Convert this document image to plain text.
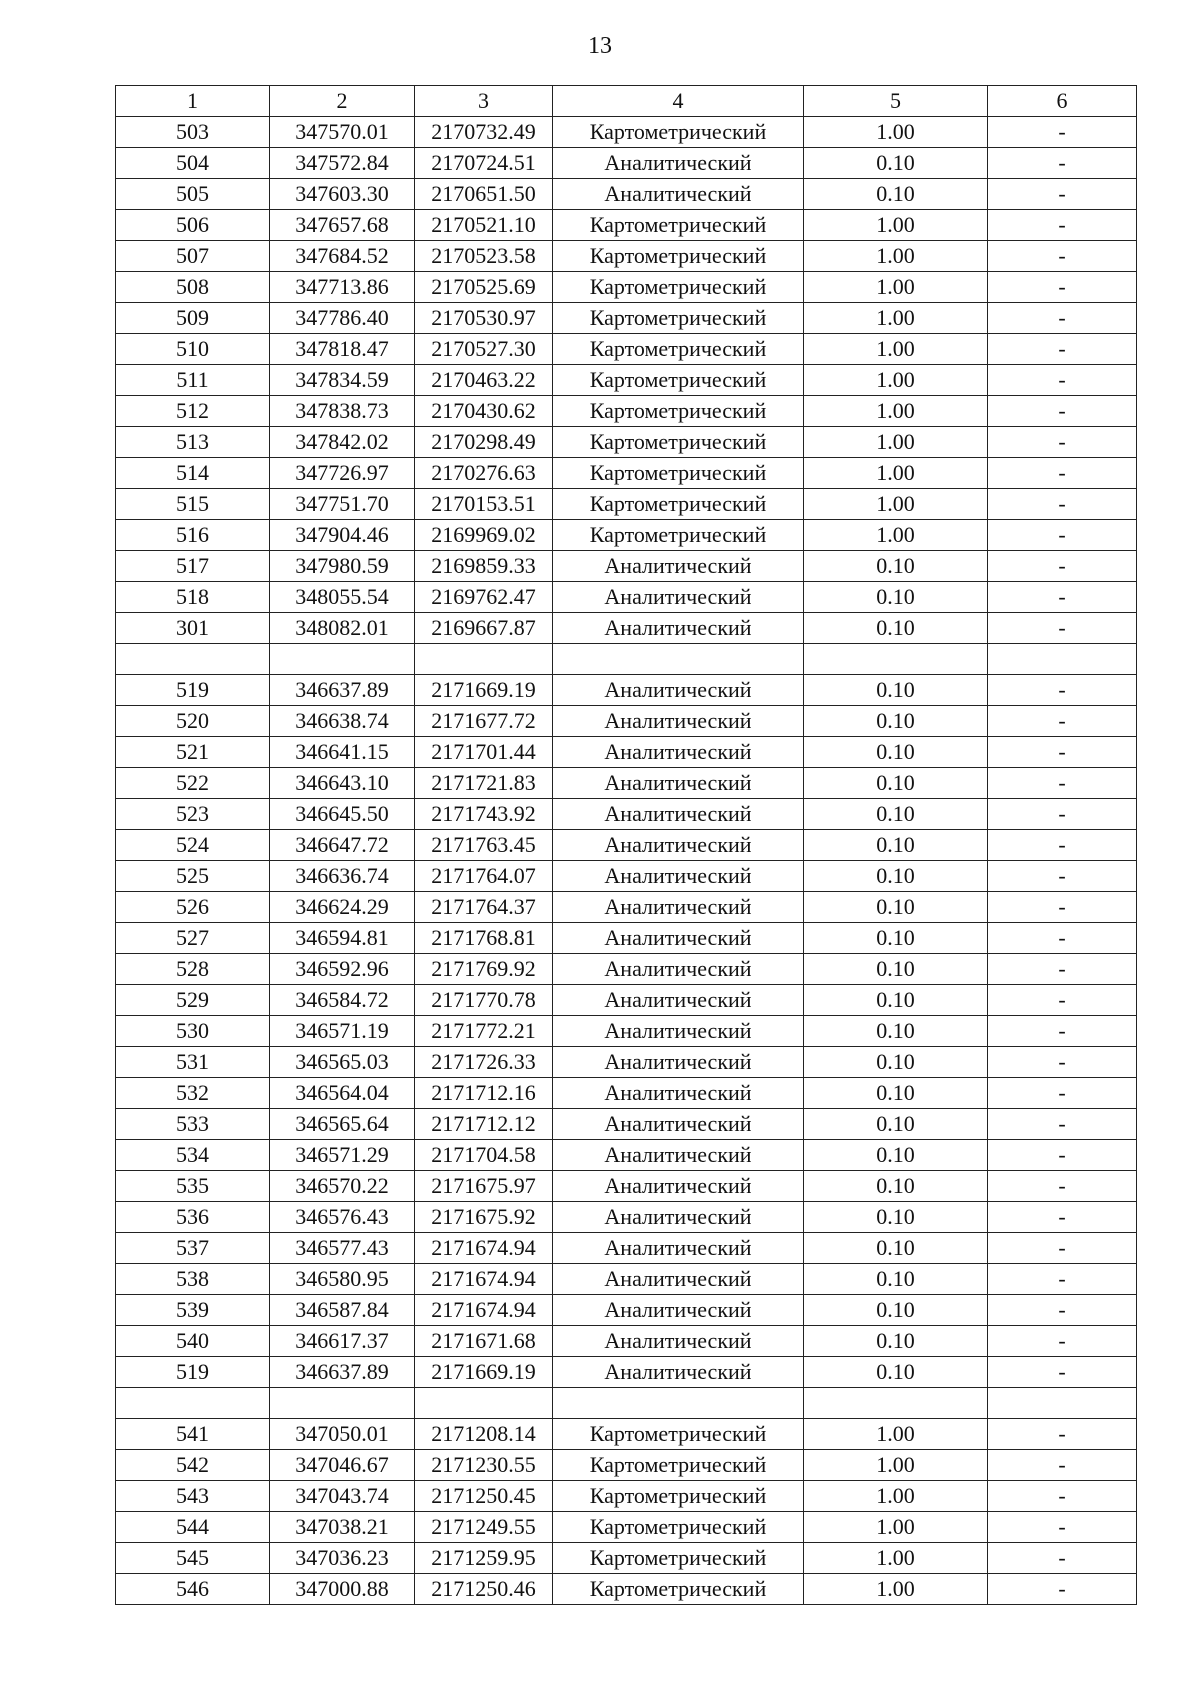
13
1	2	3	4	5	6
503	347570.01	2170732.49	Картометрический	1.00	-
504	347572.84	2170724.51	Аналитический	0.10	-
505	347603.30	2170651.50	Аналитический	0.10	-
506	347657.68	2170521.10	Картометрический	1.00	-
507	347684.52	2170523.58	Картометрический	1.00	-
508	347713.86	2170525.69	Картометрический	1.00	-
509	347786.40	2170530.97	Картометрический	1.00	-
510	347818.47	2170527.30	Картометрический	1.00	-
511	347834.59	2170463.22	Картометрический	1.00	-
512	347838.73	2170430.62	Картометрический	1.00	-
513	347842.02	2170298.49	Картометрический	1.00	-
514	347726.97	2170276.63	Картометрический	1.00	-
515	347751.70	2170153.51	Картометрический	1.00	-
516	347904.46	2169969.02	Картометрический	1.00	-
517	347980.59	2169859.33	Аналитический	0.10	-
518	348055.54	2169762.47	Аналитический	0.10	-
301	348082.01	2169667.87	Аналитический	0.10	-

519	346637.89	2171669.19	Аналитический	0.10	-
520	346638.74	2171677.72	Аналитический	0.10	-
521	346641.15	2171701.44	Аналитический	0.10	-
522	346643.10	2171721.83	Аналитический	0.10	-
523	346645.50	2171743.92	Аналитический	0.10	-
524	346647.72	2171763.45	Аналитический	0.10	-
525	346636.74	2171764.07	Аналитический	0.10	-
526	346624.29	2171764.37	Аналитический	0.10	-
527	346594.81	2171768.81	Аналитический	0.10	-
528	346592.96	2171769.92	Аналитический	0.10	-
529	346584.72	2171770.78	Аналитический	0.10	-
530	346571.19	2171772.21	Аналитический	0.10	-
531	346565.03	2171726.33	Аналитический	0.10	-
532	346564.04	2171712.16	Аналитический	0.10	-
533	346565.64	2171712.12	Аналитический	0.10	-
534	346571.29	2171704.58	Аналитический	0.10	-
535	346570.22	2171675.97	Аналитический	0.10	-
536	346576.43	2171675.92	Аналитический	0.10	-
537	346577.43	2171674.94	Аналитический	0.10	-
538	346580.95	2171674.94	Аналитический	0.10	-
539	346587.84	2171674.94	Аналитический	0.10	-
540	346617.37	2171671.68	Аналитический	0.10	-
519	346637.89	2171669.19	Аналитический	0.10	-

541	347050.01	2171208.14	Картометрический	1.00	-
542	347046.67	2171230.55	Картометрический	1.00	-
543	347043.74	2171250.45	Картометрический	1.00	-
544	347038.21	2171249.55	Картометрический	1.00	-
545	347036.23	2171259.95	Картометрический	1.00	-
546	347000.88	2171250.46	Картометрический	1.00	-
